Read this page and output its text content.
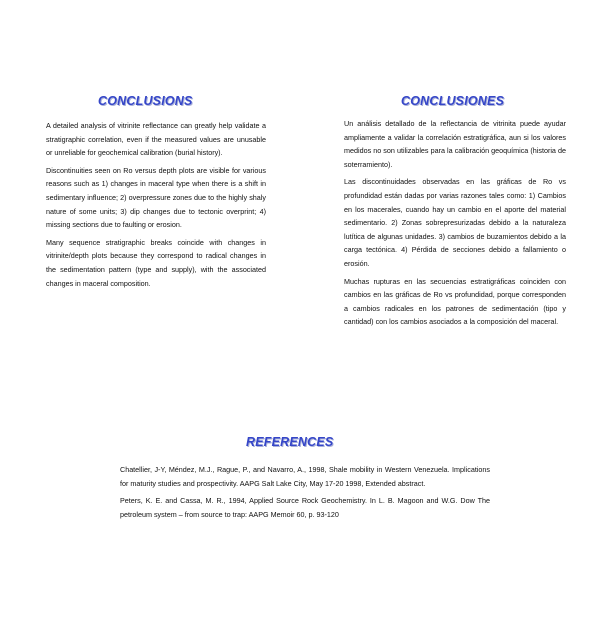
CONCLUSIONS

A detailed analysis of vitrinite reflectance can greatly help validate a stratigraphic correlation, even if the measured values are unusable or unreliable for geochemical calibration (burial history).

Discontinuities seen on Ro versus depth plots are visible for various reasons such as 1) changes in maceral type when there is a shift in sedimentary influence; 2) overpressure zones due to the highly shaly nature of some units; 3) dip changes due to tectonic overprint; 4) missing sections due to faulting or erosion.

Many sequence stratigraphic breaks coincide with changes in vitrinite/depth plots because they correspond to radical changes in the sedimentation pattern (type and supply), with the associated changes in maceral composition.

CONCLUSIONES

Un análisis detallado de la reflectancia de vitrinita puede ayudar ampliamente a validar la correlación estratigráfica, aun si los valores medidos no son utilizables para la calibración geoquímica (historia de soterramiento).

Las discontinuidades observadas en las gráficas de Ro vs profundidad están dadas por varias razones tales como: 1) Cambios en los macerales, cuando hay un cambio en el aporte del material sedimentario. 2) Zonas sobrepresurizadas debido a la naturaleza lutítica de algunas unidades. 3) cambios de buzamientos debido a la carga tectónica. 4) Pérdida de secciones debido a fallamiento o erosión.

Muchas rupturas en las secuencias estratigráficas coinciden con cambios en las gráficas de Ro vs profundidad, porque corresponden a cambios radicales en los patrones de sedimentación (tipo y cantidad) con los cambios asociados a la composición del maceral.

REFERENCES

Chatellier, J-Y, Méndez, M.J., Rague, P., and Navarro, A., 1998, Shale mobility in Western Venezuela. Implications for maturity studies and prospectivity. AAPG Salt Lake City, May 17-20 1998, Extended abstract.

Peters, K. E. and Cassa, M. R., 1994, Applied Source Rock Geochemistry. In L. B. Magoon and W.G. Dow The petroleum system – from source to trap: AAPG Memoir 60, p. 93-120
